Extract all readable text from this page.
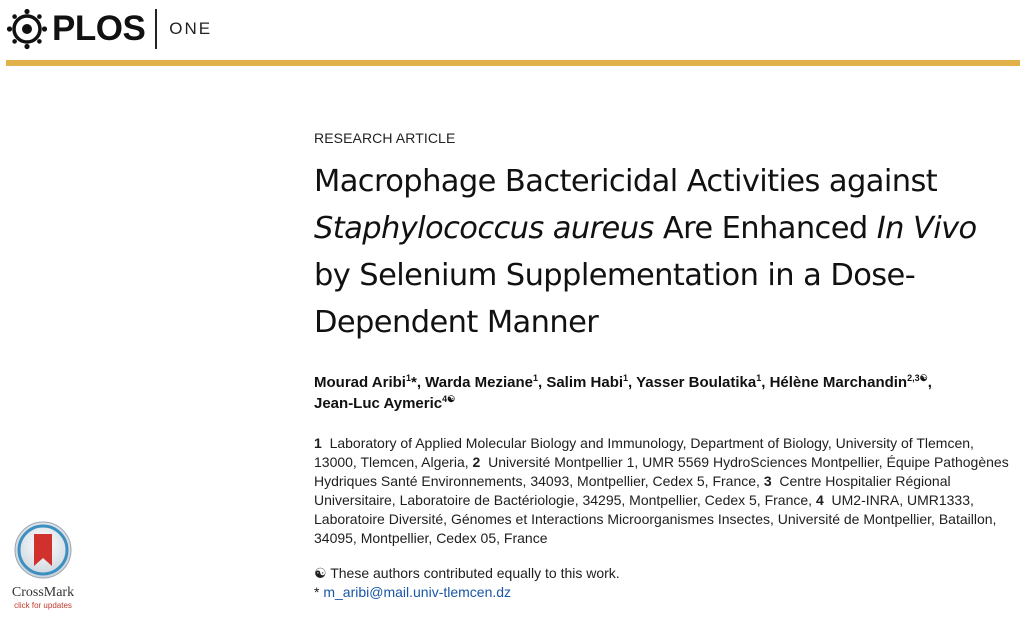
PLOS ONE
RESEARCH ARTICLE
Macrophage Bactericidal Activities against
Staphylococcus aureus Are Enhanced In Vivo
by Selenium Supplementation in a Dose-Dependent Manner
Mourad Aribi$^1$*, Warda Meziane$^1$, Salim Habi$^1$, Yasser Boulatika$^1$, Hélène Marchandin$^{2,3☯}$,
Jean-Luc Aymeric$^{4☯}$
1 Laboratory of Applied Molecular Biology and Immunology, Department of Biology, University of Tlemcen, 13000, Tlemcen, Algeria, 2 Université Montpellier 1, UMR 5569 HydroSciences Montpellier, Équipe Pathogènes Hydriques Santé Environnements, 34093, Montpellier, Cedex 5, France, 3 Centre Hospitalier Régional Universitaire, Laboratoire de Bactériologie, 34295, Montpellier, Cedex 5, France, 4 UM2-INRA, UMR1333, Laboratoire Diversité, Génomes et Interactions Microorganismes Insectes, Université de Montpellier, Bataillon, 34095, Montpellier, Cedex 05, France
☯ These authors contributed equally to this work.
* m_aribi@mail.univ-tlemcen.dz
CrossMark
click for updates
